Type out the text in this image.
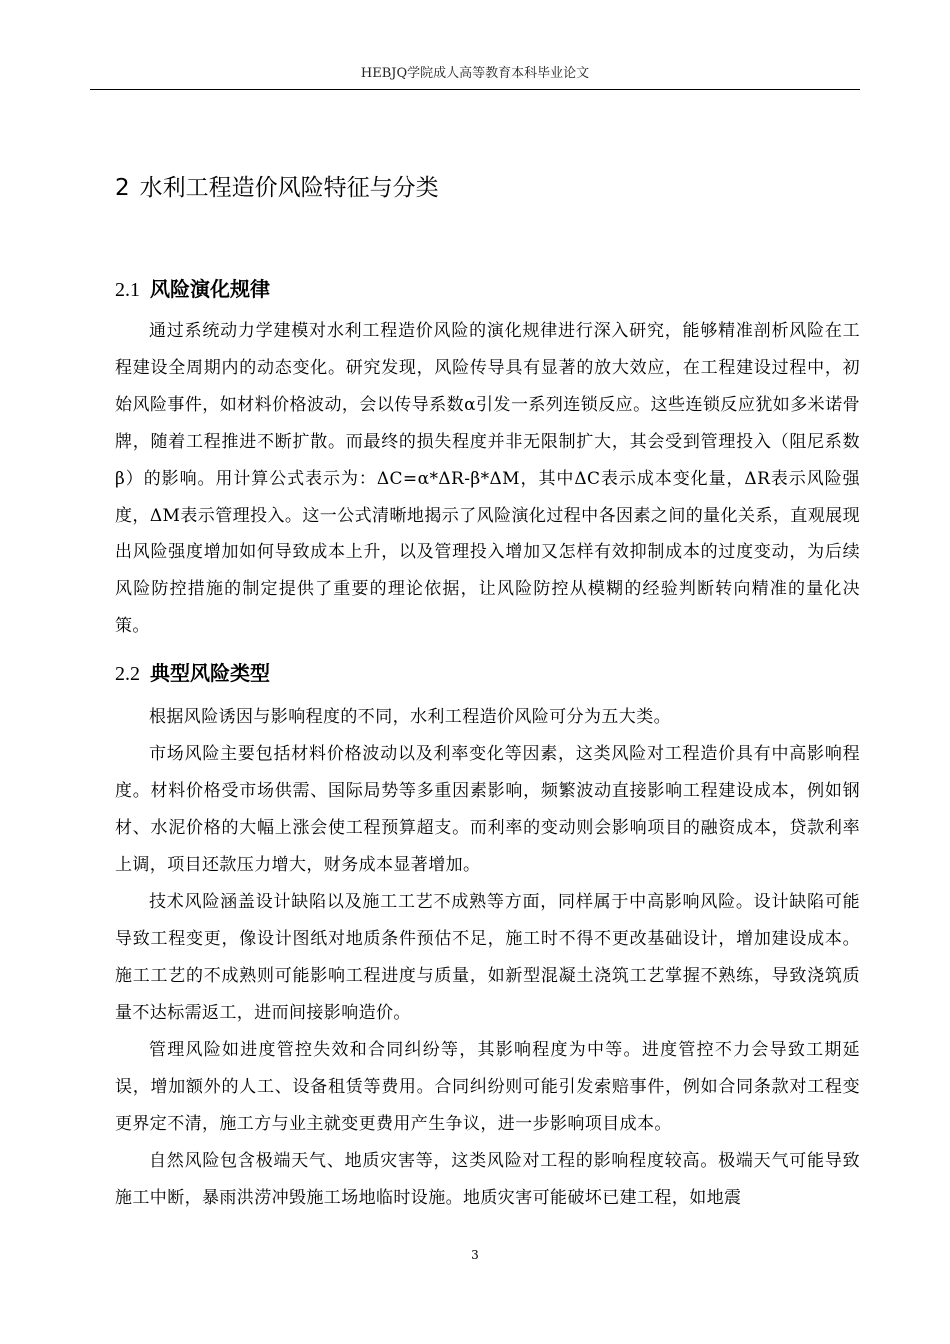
HEBJQ学院成人高等教育本科毕业论文
2 水利工程造价风险特征与分类
2.1 风险演化规律

通过系统动力学建模对水利工程造价风险的演化规律进行深入研究，能够精准剖析风险在工程建设全周期内的动态变化。研究发现，风险传导具有显著的放大效应，在工程建设过程中，初始风险事件，如材料价格波动，会以传导系数α引发一系列连锁反应。这些连锁反应犹如多米诺骨牌，随着工程推进不断扩散。而最终的损失程度并非无限制扩大，其会受到管理投入（阻尼系数β）的影响。用计算公式表示为：ΔC=α*ΔR-β*ΔM，其中ΔC表示成本变化量，ΔR表示风险强度，ΔM表示管理投入。这一公式清晰地揭示了风险演化过程中各因素之间的量化关系，直观展现出风险强度增加如何导致成本上升，以及管理投入增加又怎样有效抑制成本的过度变动，为后续风险防控措施的制定提供了重要的理论依据，让风险防控从模糊的经验判断转向精准的量化决策。

2.2 典型风险类型

根据风险诱因与影响程度的不同，水利工程造价风险可分为五大类。

市场风险主要包括材料价格波动以及利率变化等因素，这类风险对工程造价具有中高影响程度。材料价格受市场供需、国际局势等多重因素影响，频繁波动直接影响工程建设成本，例如钢材、水泥价格的大幅上涨会使工程预算超支。而利率的变动则会影响项目的融资成本，贷款利率上调，项目还款压力增大，财务成本显著增加。

技术风险涵盖设计缺陷以及施工工艺不成熟等方面，同样属于中高影响风险。设计缺陷可能导致工程变更，像设计图纸对地质条件预估不足，施工时不得不更改基础设计，增加建设成本。施工工艺的不成熟则可能影响工程进度与质量，如新型混凝土浇筑工艺掌握不熟练，导致浇筑质量不达标需返工，进而间接影响造价。

管理风险如进度管控失效和合同纠纷等，其影响程度为中等。进度管控不力会导致工期延误，增加额外的人工、设备租赁等费用。合同纠纷则可能引发索赔事件，例如合同条款对工程变更界定不清，施工方与业主就变更费用产生争议，进一步影响项目成本。

自然风险包含极端天气、地质灾害等，这类风险对工程的影响程度较高。极端天气可能导致施工中断，暴雨洪涝冲毁施工场地临时设施。地质灾害可能破坏已建工程，如地震

3
